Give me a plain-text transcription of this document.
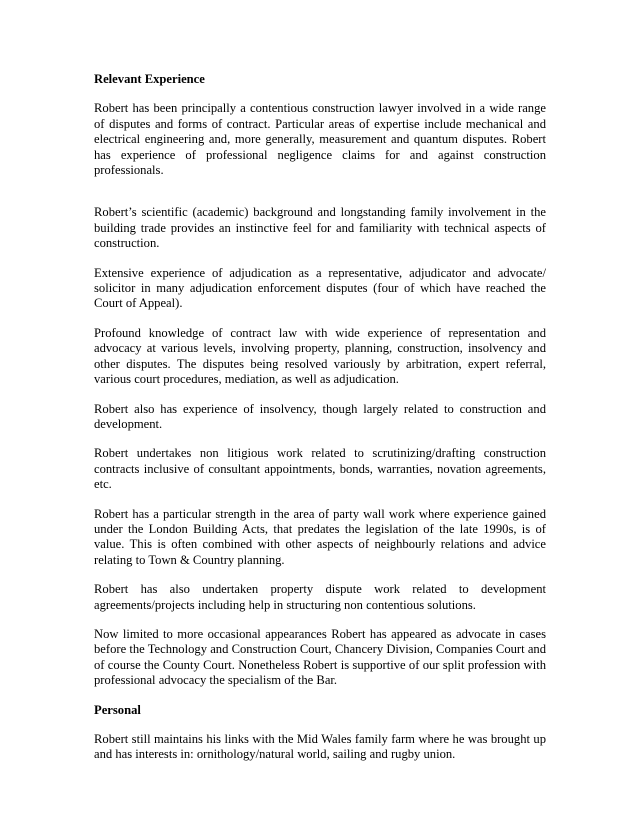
Relevant Experience

Robert has been principally a contentious construction lawyer involved in a wide range of disputes and forms of contract. Particular areas of expertise include mechanical and electrical engineering and, more generally, measurement and quantum disputes. Robert has experience of professional negligence claims for and against construction professionals.

Robert’s scientific (academic) background and longstanding family involvement in the building trade provides an instinctive feel for and familiarity with technical aspects of construction.

Extensive experience of adjudication as a representative, adjudicator and advocate/ solicitor in many adjudication enforcement disputes (four of which have reached the Court of Appeal).

Profound knowledge of contract law with wide experience of representation and advocacy at various levels, involving property, planning, construction, insolvency and other disputes. The disputes being resolved variously by arbitration, expert referral, various court procedures, mediation, as well as adjudication.

Robert also has experience of insolvency, though largely related to construction and development.

Robert undertakes non litigious work related to scrutinizing/drafting construction contracts inclusive of consultant appointments, bonds, warranties, novation agreements, etc.

Robert has a particular strength in the area of party wall work where experience gained under the London Building Acts, that predates the legislation of the late 1990s, is of value. This is often combined with other aspects of neighbourly relations and advice relating to Town & Country planning.

Robert has also undertaken property dispute work related to development agreements/projects including help in structuring non contentious solutions.

Now limited to more occasional appearances Robert has appeared as advocate in cases before the Technology and Construction Court, Chancery Division, Companies Court and of course the County Court. Nonetheless Robert is supportive of our split profession with professional advocacy the specialism of the Bar.

Personal

Robert still maintains his links with the Mid Wales family farm where he was brought up and has interests in: ornithology/natural world, sailing and rugby union.
